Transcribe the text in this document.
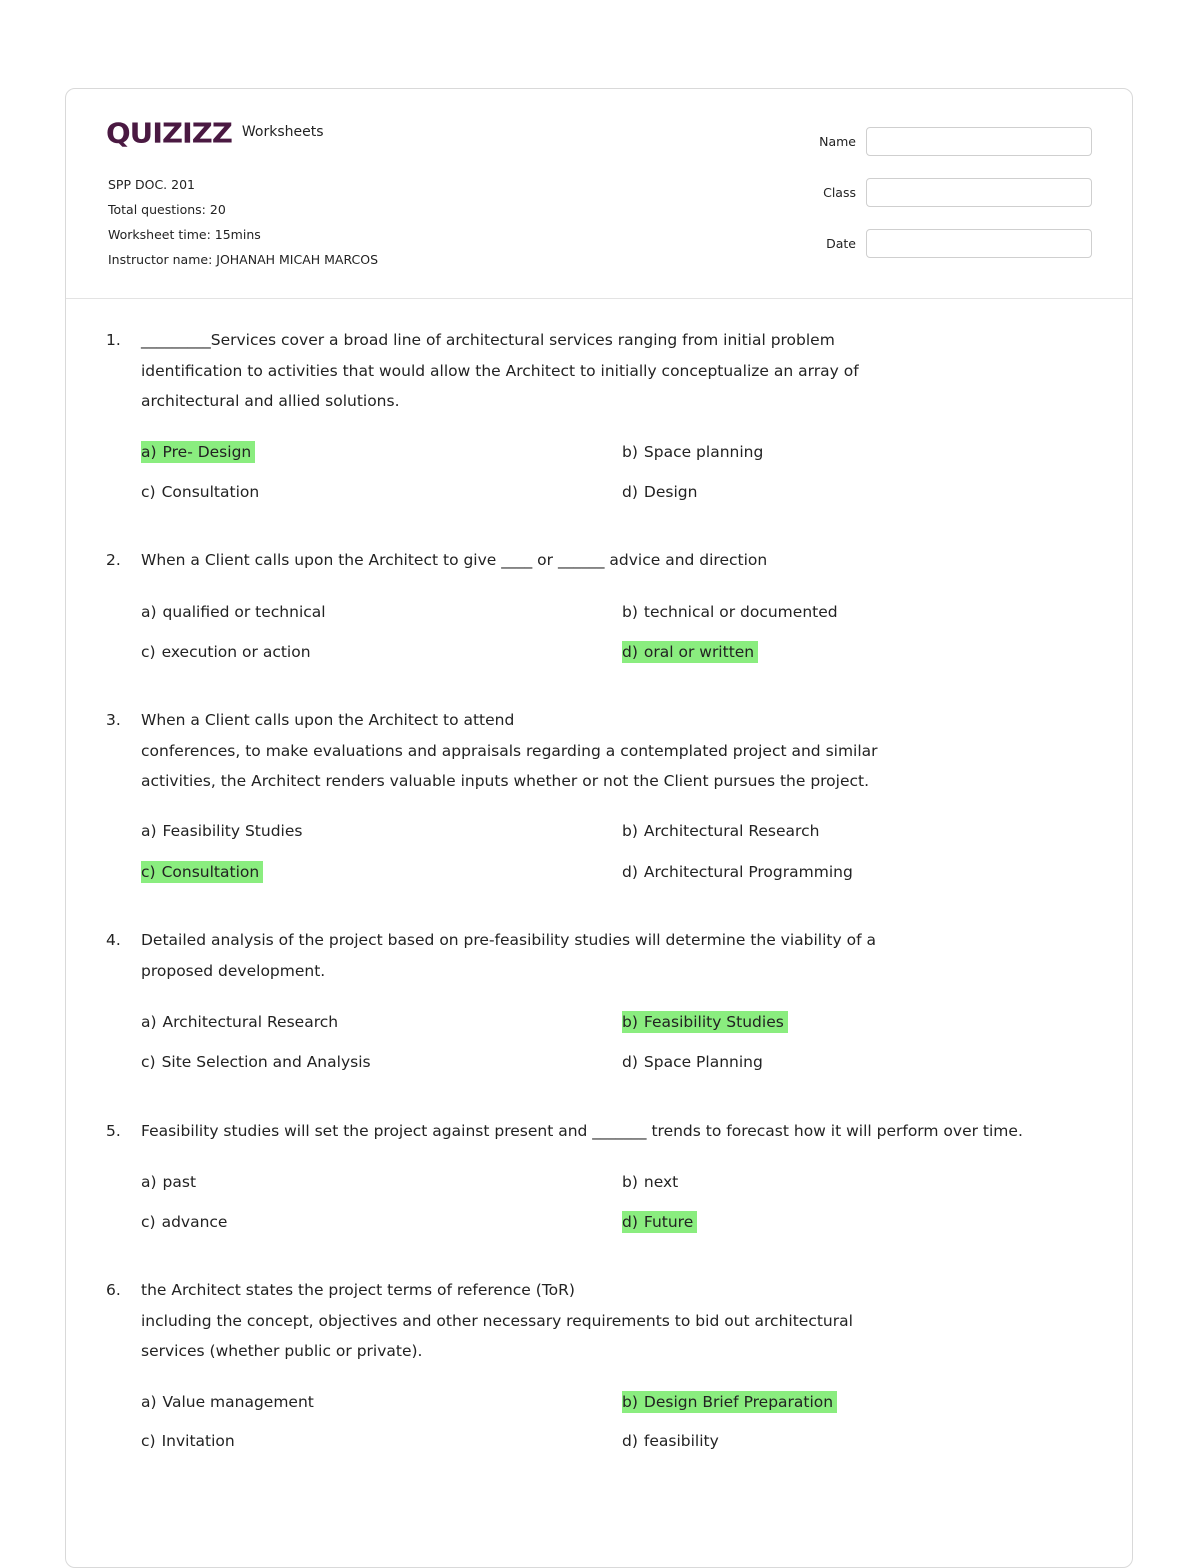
QUIZIZZ Worksheets
SPP DOC. 201
Total questions: 20
Worksheet time: 15mins
Instructor name: JOHANAH MICAH MARCOS
Name
Class
Date
1. _________Services cover a broad line of architectural services ranging from initial problem
identification to activities that would allow the Architect to initially conceptualize an array of
architectural and allied solutions.
a) Pre- Design	b) Space planning
c) Consultation	d) Design
2. When a Client calls upon the Architect to give ____ or ______ advice and direction
a) qualified or technical	b) technical or documented
c) execution or action	d) oral or written
3. When a Client calls upon the Architect to attend
conferences, to make evaluations and appraisals regarding a contemplated project and similar
activities, the Architect renders valuable inputs whether or not the Client pursues the project.
a) Feasibility Studies	b) Architectural Research
c) Consultation	d) Architectural Programming
4. Detailed analysis of the project based on pre-feasibility studies will determine the viability of a
proposed development.
a) Architectural Research	b) Feasibility Studies
c) Site Selection and Analysis	d) Space Planning
5. Feasibility studies will set the project against present and _______ trends to forecast how it will perform over time.
a) past	b) next
c) advance	d) Future
6. the Architect states the project terms of reference (ToR)
including the concept, objectives and other necessary requirements to bid out architectural
services (whether public or private).
a) Value management	b) Design Brief Preparation
c) Invitation	d) feasibility
